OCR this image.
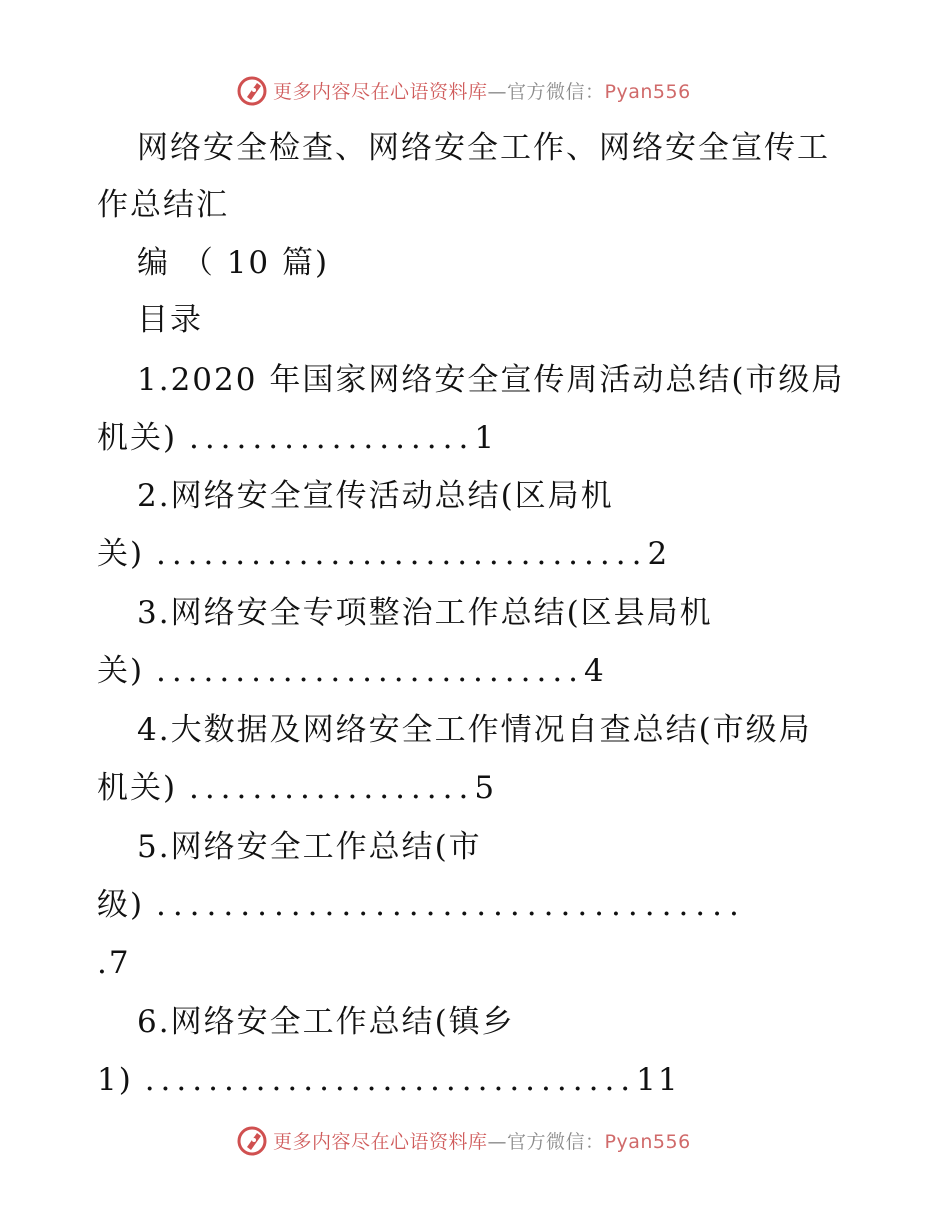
更多内容尽在心语资料库—官方微信：Pyan556
网络安全检查、网络安全工作、网络安全宣传工
作总结汇
编 （ 10 篇)
目录
1.2020 年国家网络安全宣传周活动总结(市级局
机关) ..................1
2.网络安全宣传活动总结(区局机
关) ...............................2
3.网络安全专项整治工作总结(区县局机
关) ...........................4
4.大数据及网络安全工作情况自查总结(市级局
机关) ..................5
5.网络安全工作总结(市
级) ...................................
.7
6.网络安全工作总结(镇乡
1) ...............................11
更多内容尽在心语资料库—官方微信：Pyan556
